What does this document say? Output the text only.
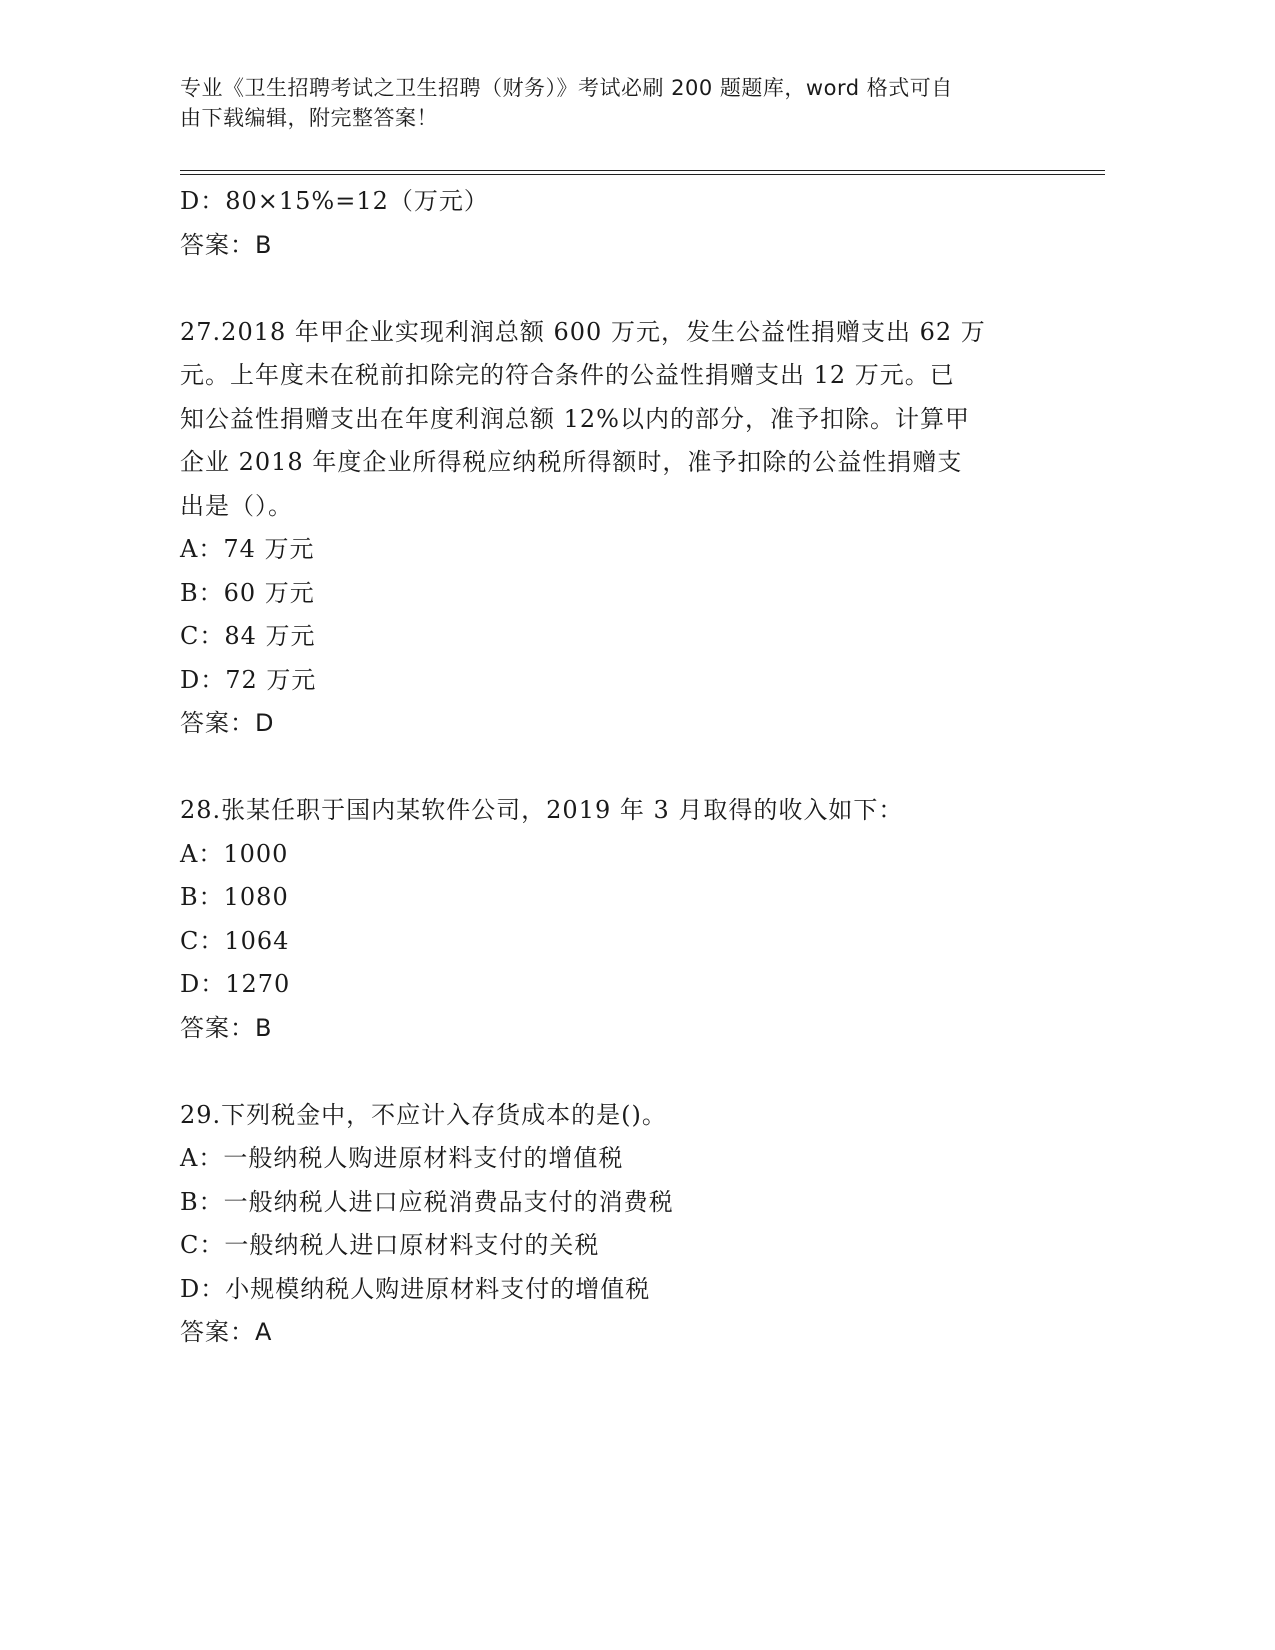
专业《卫生招聘考试之卫生招聘（财务）》考试必刷 200 题题库，word 格式可自
由下载编辑，附完整答案！
D：80×15%=12（万元）
答案：B
27.2018 年甲企业实现利润总额 600 万元，发生公益性捐赠支出 62 万
元。上年度未在税前扣除完的符合条件的公益性捐赠支出 12 万元。已
知公益性捐赠支出在年度利润总额 12%以内的部分，准予扣除。计算甲
企业 2018 年度企业所得税应纳税所得额时，准予扣除的公益性捐赠支
出是（）。
A：74 万元
B：60 万元
C：84 万元
D：72 万元
答案：D
28.张某任职于国内某软件公司，2019 年 3 月取得的收入如下：
A：1000
B：1080
C：1064
D：1270
答案：B
29.下列税金中，不应计入存货成本的是()。
A：一般纳税人购进原材料支付的增值税
B：一般纳税人进口应税消费品支付的消费税
C：一般纳税人进口原材料支付的关税
D：小规模纳税人购进原材料支付的增值税
答案：A
